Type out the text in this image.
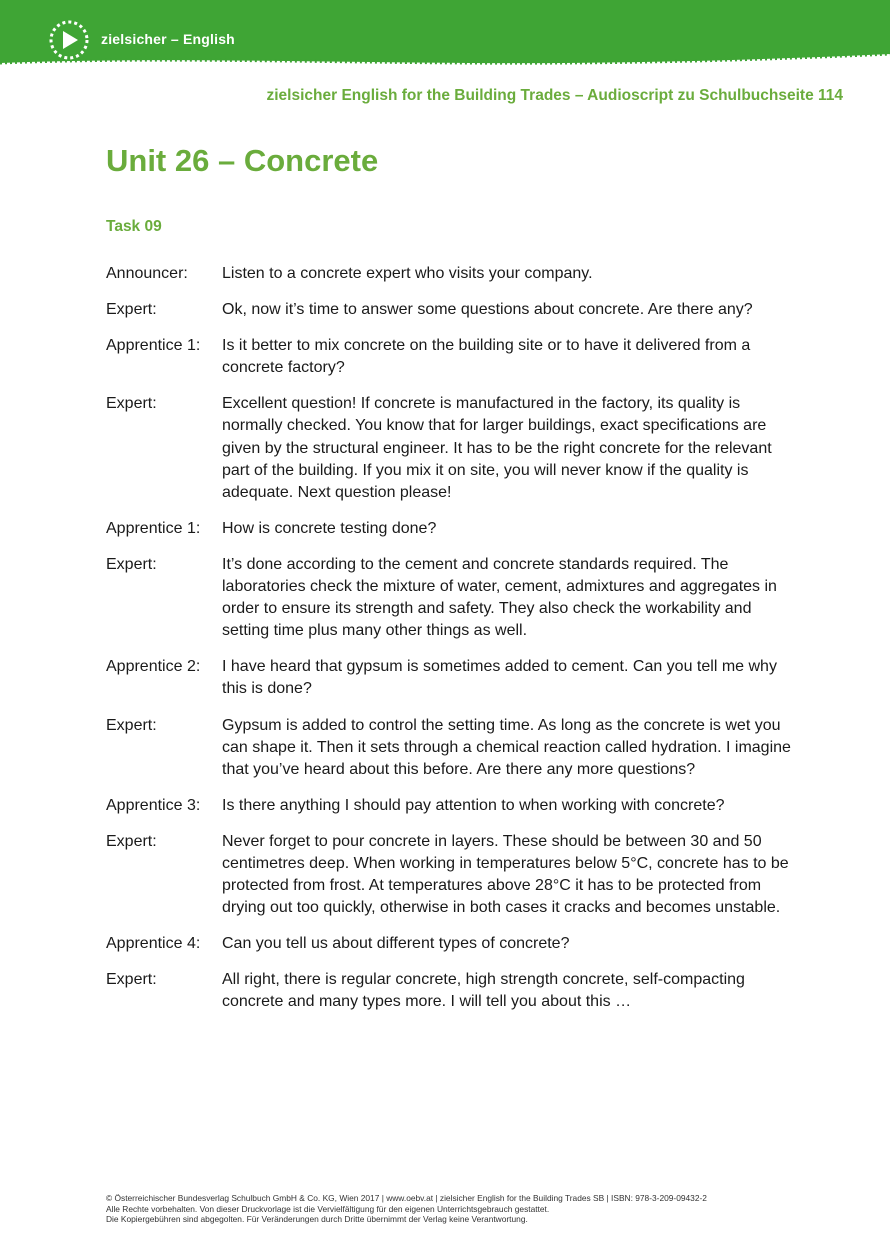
zielsicher – English
zielsicher English for the Building Trades – Audioscript zu Schulbuchseite 114
Unit 26 – Concrete
Task 09
Announcer:	Listen to a concrete expert who visits your company.
Expert:	Ok, now it’s time to answer some questions about concrete. Are there any?
Apprentice 1:	Is it better to mix concrete on the building site or to have it delivered from a concrete factory?
Expert:	Excellent question! If concrete is manufactured in the factory, its quality is normally checked. You know that for larger buildings, exact specifications are given by the structural engineer. It has to be the right concrete for the relevant part of the building. If you mix it on site, you will never know if the quality is adequate. Next question please!
Apprentice 1:	How is concrete testing done?
Expert:	It’s done according to the cement and concrete standards required. The laboratories check the mixture of water, cement, admixtures and aggregates in order to ensure its strength and safety. They also check the workability and setting time plus many other things as well.
Apprentice 2:	I have heard that gypsum is sometimes added to cement. Can you tell me why this is done?
Expert:	Gypsum is added to control the setting time. As long as the concrete is wet you can shape it. Then it sets through a chemical reaction called hydration. I imagine that you’ve heard about this before. Are there any more questions?
Apprentice 3:	Is there anything I should pay attention to when working with concrete?
Expert:	Never forget to pour concrete in layers. These should be between 30 and 50 centimetres deep. When working in temperatures below 5°C, concrete has to be protected from frost. At temperatures above 28°C it has to be protected from drying out too quickly, otherwise in both cases it cracks and becomes unstable.
Apprentice 4:	Can you tell us about different types of concrete?
Expert:	All right, there is regular concrete, high strength concrete, self-compacting concrete and many types more. I will tell you about this …
© Österreichischer Bundesverlag Schulbuch GmbH & Co. KG, Wien 2017 | www.oebv.at | zielsicher English for the Building Trades SB | ISBN: 978-3-209-09432-2
Alle Rechte vorbehalten. Von dieser Druckvorlage ist die Vervielfältigung für den eigenen Unterrichtsgebrauch gestattet.
Die Kopiergebühren sind abgegolten. Für Veränderungen durch Dritte übernimmt der Verlag keine Verantwortung.
